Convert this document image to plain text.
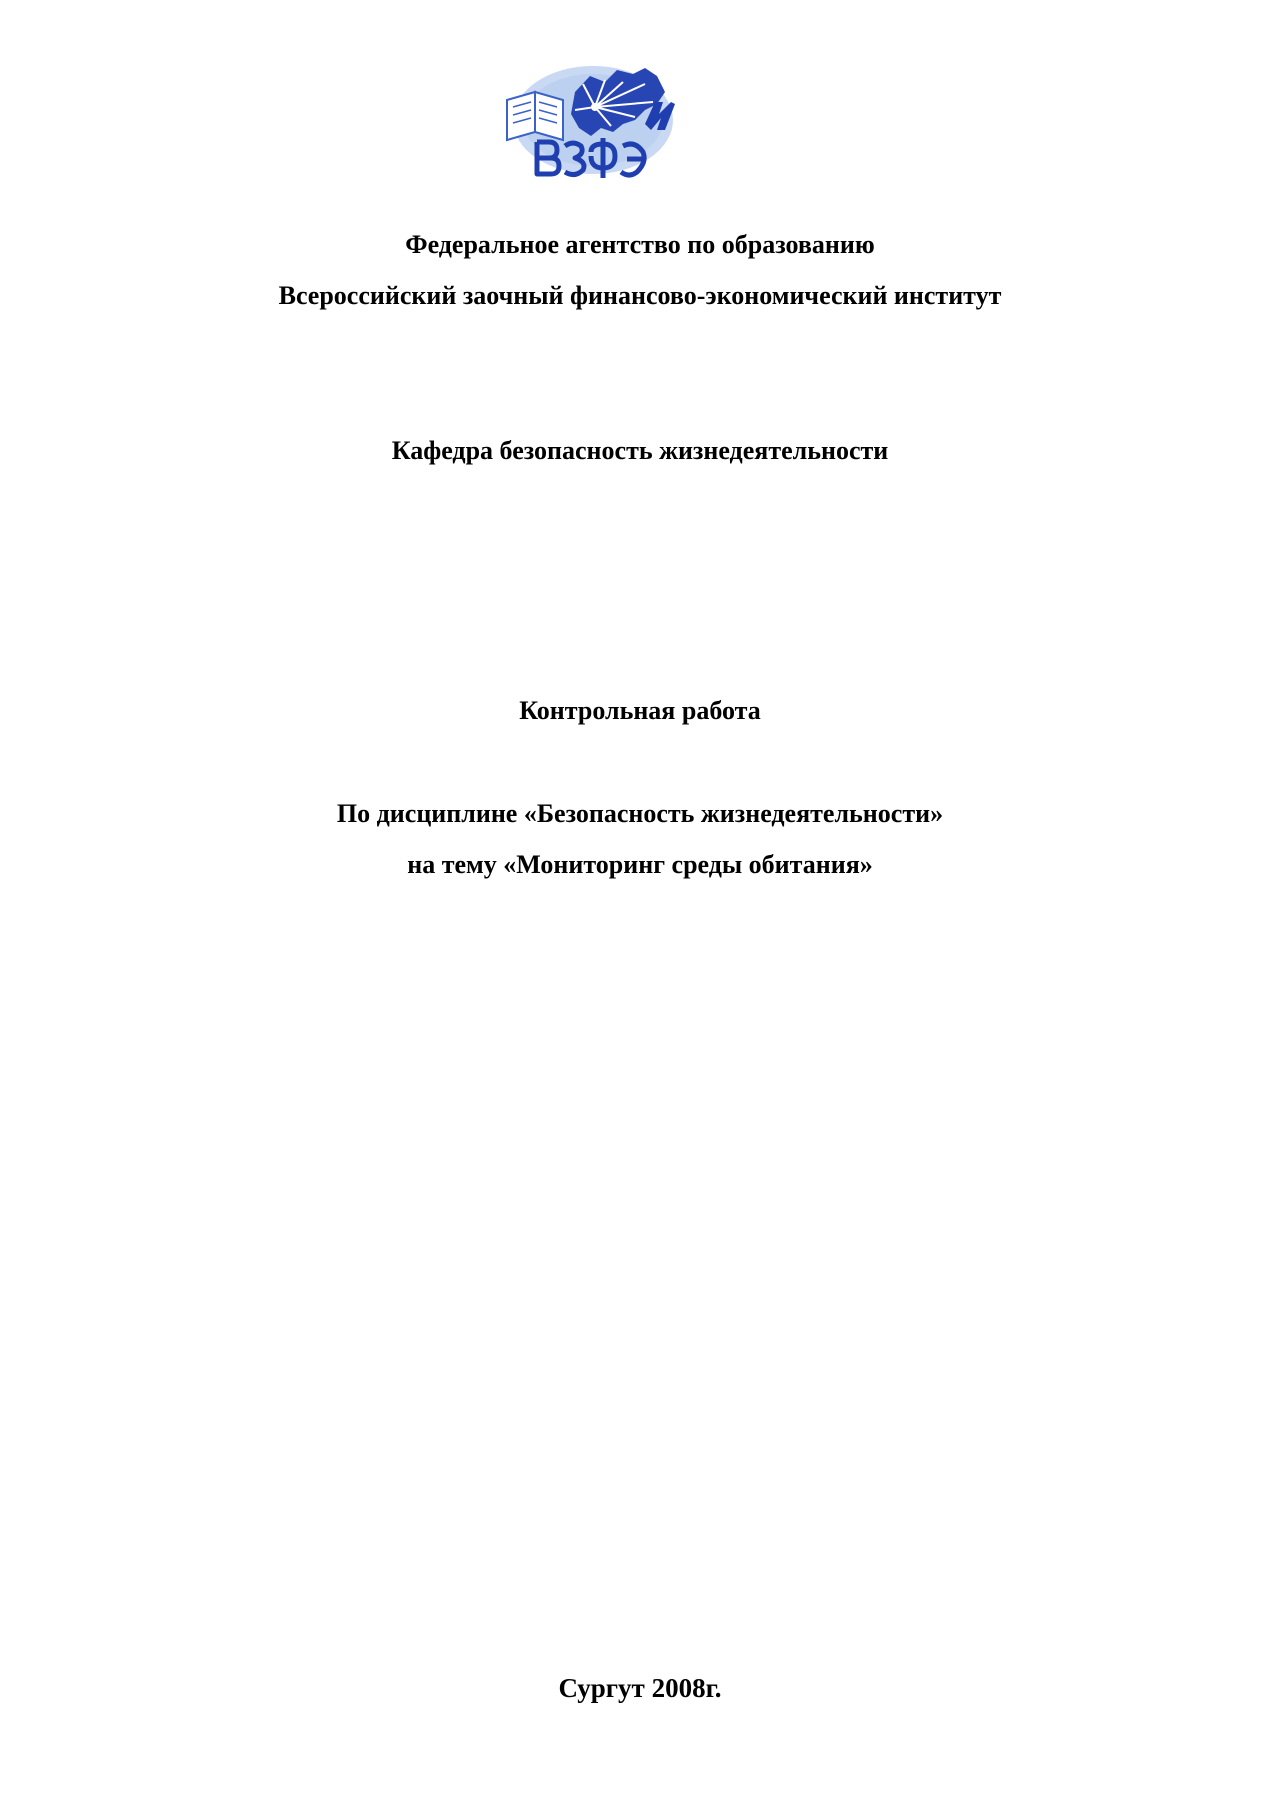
Федеральное агентство по образованию
Всероссийский заочный финансово-экономический институт
Кафедра безопасность жизнедеятельности
Контрольная работа
По дисциплине «Безопасность жизнедеятельности»
на тему «Мониторинг среды обитания»
Сургут 2008г.
